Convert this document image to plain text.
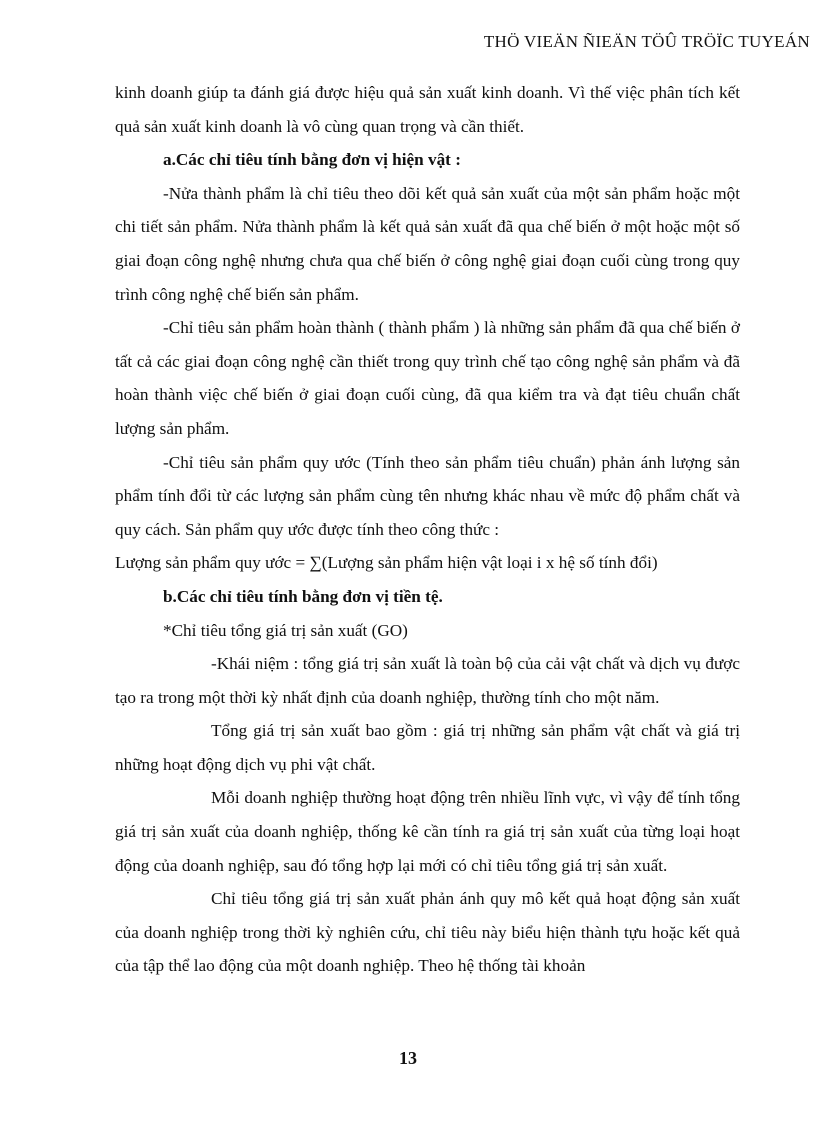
THÖ VIEÄN ÑIEÄN TÖÛ TRÖÏC TUYEÁN

kinh doanh giúp ta đánh giá được hiệu quả sản xuất kinh doanh. Vì thế việc phân tích kết quả sản xuất kinh doanh là vô cùng quan trọng và cần thiết.

a.Các chỉ tiêu tính bằng đơn vị hiện vật :

-Nửa thành phẩm là chỉ tiêu theo dõi kết quả sản xuất của một sản phẩm hoặc một chi tiết sản phẩm. Nửa thành phẩm là kết quả sản xuất đã qua chế biến ở một hoặc một số giai đoạn công nghệ nhưng chưa qua chế biến ở công nghệ giai đoạn cuối cùng trong quy trình công nghệ chế biến sản phẩm.

-Chỉ tiêu sản phẩm hoàn thành ( thành phẩm ) là những sản phẩm đã qua chế biến ở tất cả các giai đoạn công nghệ cần thiết trong quy trình chế tạo công nghệ sản phẩm và đã hoàn thành việc chế biến ở giai đoạn cuối cùng, đã qua kiểm tra và đạt tiêu chuẩn chất lượng sản phẩm.

-Chỉ tiêu sản phẩm quy ước (Tính theo sản phẩm tiêu chuẩn) phản ánh lượng sản phẩm tính đổi từ các lượng sản phẩm cùng tên nhưng khác nhau về mức độ phẩm chất và quy cách. Sản phẩm quy ước được tính theo công thức :

Lượng sản phẩm quy ước = ∑(Lượng sản phẩm hiện vật loại i x hệ số tính đổi)

b.Các chỉ tiêu tính bằng đơn vị tiền tệ.

*Chỉ tiêu tổng giá trị sản xuất (GO)

-Khái niệm : tổng giá trị sản xuất là toàn bộ của cải vật chất và dịch vụ được tạo ra trong một thời kỳ nhất định của doanh nghiệp, thường tính cho một năm.

Tổng giá trị sản xuất bao gồm : giá trị những sản phẩm vật chất và giá trị những hoạt động dịch vụ phi vật chất.

Mỗi doanh nghiệp thường hoạt động trên nhiều lĩnh vực, vì vậy để tính tổng giá trị sản xuất của doanh nghiệp, thống kê cần tính ra giá trị sản xuất của từng loại hoạt động của doanh nghiệp, sau đó tổng hợp lại mới có chỉ tiêu tổng giá trị sản xuất.

Chỉ tiêu tổng giá trị sản xuất phản ánh quy mô kết quả hoạt động sản xuất của doanh nghiệp trong thời kỳ nghiên cứu, chỉ tiêu này biểu hiện thành tựu hoặc kết quả của tập thể lao động của một doanh nghiệp. Theo hệ thống tài khoản

13
